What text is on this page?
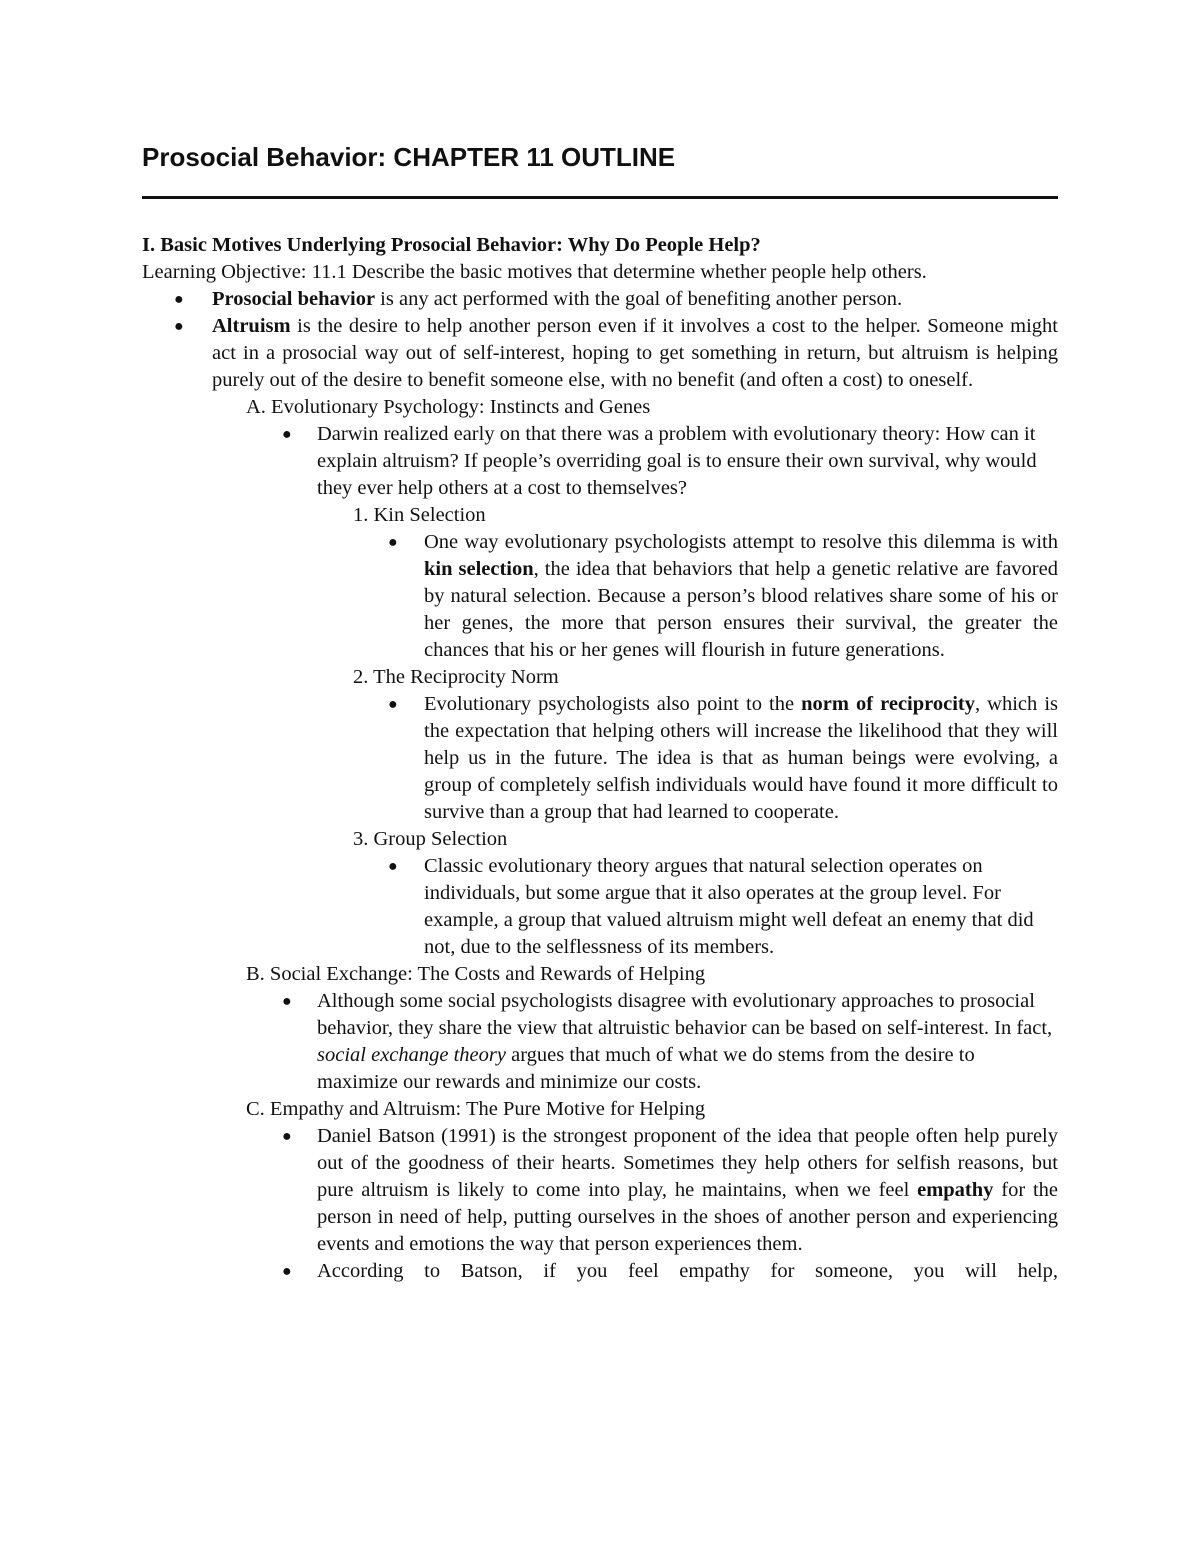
Prosocial Behavior: CHAPTER 11 OUTLINE

I. Basic Motives Underlying Prosocial Behavior: Why Do People Help?

Learning Objective: 11.1 Describe the basic motives that determine whether people help others.

● Prosocial behavior is any act performed with the goal of benefiting another person.
● Altruism is the desire to help another person even if it involves a cost to the helper. Someone might act in a prosocial way out of self-interest, hoping to get something in return, but altruism is helping purely out of the desire to benefit someone else, with no benefit (and often a cost) to oneself.

A. Evolutionary Psychology: Instincts and Genes

● Darwin realized early on that there was a problem with evolutionary theory: How can it explain altruism? If people’s overriding goal is to ensure their own survival, why would they ever help others at a cost to themselves?

1. Kin Selection

● One way evolutionary psychologists attempt to resolve this dilemma is with kin selection, the idea that behaviors that help a genetic relative are favored by natural selection. Because a person’s blood relatives share some of his or her genes, the more that person ensures their survival, the greater the chances that his or her genes will flourish in future generations.

2. The Reciprocity Norm

● Evolutionary psychologists also point to the norm of reciprocity, which is the expectation that helping others will increase the likelihood that they will help us in the future. The idea is that as human beings were evolving, a group of completely selfish individuals would have found it more difficult to survive than a group that had learned to cooperate.

3. Group Selection

● Classic evolutionary theory argues that natural selection operates on individuals, but some argue that it also operates at the group level. For example, a group that valued altruism might well defeat an enemy that did not, due to the selflessness of its members.

B. Social Exchange: The Costs and Rewards of Helping

● Although some social psychologists disagree with evolutionary approaches to prosocial behavior, they share the view that altruistic behavior can be based on self-interest. In fact, social exchange theory argues that much of what we do stems from the desire to maximize our rewards and minimize our costs.

C. Empathy and Altruism: The Pure Motive for Helping

● Daniel Batson (1991) is the strongest proponent of the idea that people often help purely out of the goodness of their hearts. Sometimes they help others for selfish reasons, but pure altruism is likely to come into play, he maintains, when we feel empathy for the person in need of help, putting ourselves in the shoes of another person and experiencing events and emotions the way that person experiences them.
● According to Batson, if you feel empathy for someone, you will help,
